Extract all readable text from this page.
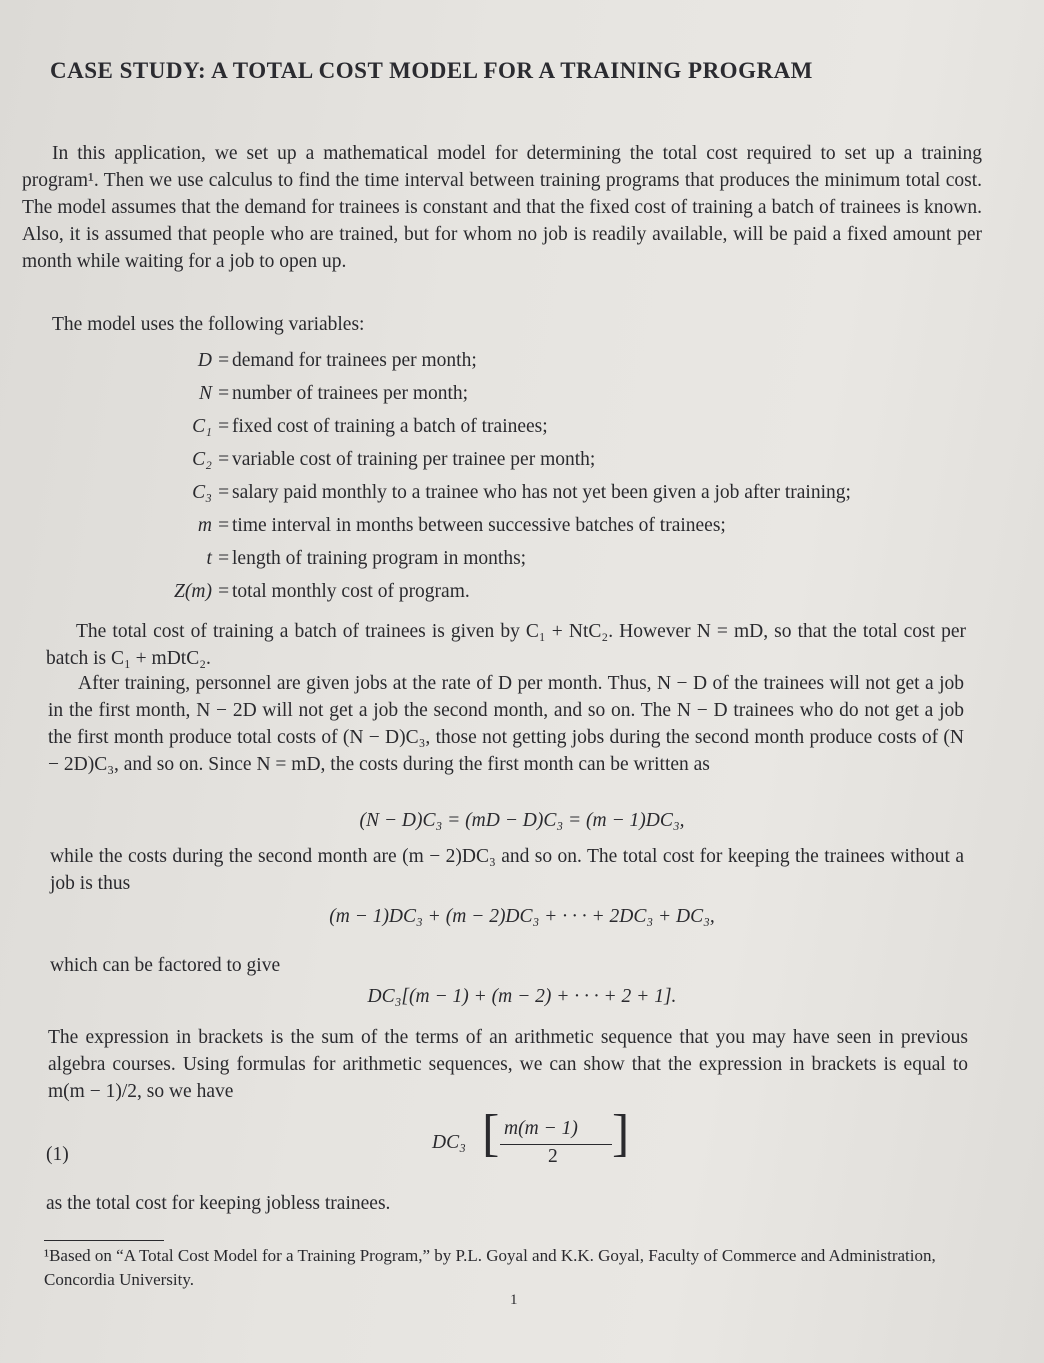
CASE STUDY: A TOTAL COST MODEL FOR A TRAINING PROGRAM
In this application, we set up a mathematical model for determining the total cost required to set up a training program¹. Then we use calculus to find the time interval between training programs that produces the minimum total cost. The model assumes that the demand for trainees is constant and that the fixed cost of training a batch of trainees is known. Also, it is assumed that people who are trained, but for whom no job is readily available, will be paid a fixed amount per month while waiting for a job to open up.
The model uses the following variables:
D = demand for trainees per month;
N = number of trainees per month;
C₁ = fixed cost of training a batch of trainees;
C₂ = variable cost of training per trainee per month;
C₃ = salary paid monthly to a trainee who has not yet been given a job after training;
m = time interval in months between successive batches of trainees;
t = length of training program in months;
Z(m) = total monthly cost of program.
The total cost of training a batch of trainees is given by C₁ + NtC₂. However N = mD, so that the total cost per batch is C₁ + mDtC₂.
After training, personnel are given jobs at the rate of D per month. Thus, N − D of the trainees will not get a job in the first month, N − 2D will not get a job the second month, and so on. The N − D trainees who do not get a job the first month produce total costs of (N − D)C₃, those not getting jobs during the second month produce costs of (N − 2D)C₃, and so on. Since N = mD, the costs during the first month can be written as
(N − D)C₃ = (mD − D)C₃ = (m − 1)DC₃,
while the costs during the second month are (m − 2)DC₃ and so on. The total cost for keeping the trainees without a job is thus
(m − 1)DC₃ + (m − 2)DC₃ + · · · + 2DC₃ + DC₃,
which can be factored to give
DC₃[(m − 1) + (m − 2) + · · · + 2 + 1].
The expression in brackets is the sum of the terms of an arithmetic sequence that you may have seen in previous algebra courses. Using formulas for arithmetic sequences, we can show that the expression in brackets is equal to m(m − 1)/2, so we have
(1)
DC₃ [ m(m − 1)
2 ]
as the total cost for keeping jobless trainees.
¹Based on “A Total Cost Model for a Training Program,” by P.L. Goyal and K.K. Goyal, Faculty of Commerce and Administration, Concordia University.
1
